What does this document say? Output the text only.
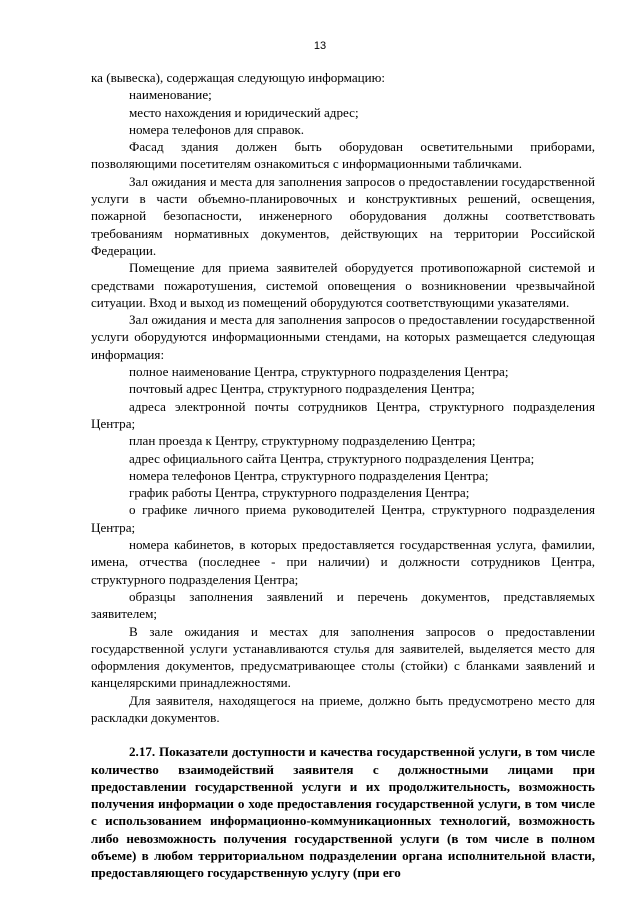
13

ка (вывеска), содержащая следующую информацию:

наименование;

место нахождения и юридический адрес;

номера телефонов для справок.

Фасад здания должен быть оборудован осветительными приборами, позволяющими посетителям ознакомиться с информационными табличками.

Зал ожидания и места для заполнения запросов о предоставлении государственной услуги в части объемно-планировочных и конструктивных решений, освещения, пожарной безопасности, инженерного оборудования должны соответствовать требованиям нормативных документов, действующих на территории Российской Федерации.

Помещение для приема заявителей оборудуется противопожарной системой и средствами пожаротушения, системой оповещения о возникновении чрезвычайной ситуации. Вход и выход из помещений оборудуются соответствующими указателями.

Зал ожидания и места для заполнения запросов о предоставлении государственной услуги оборудуются информационными стендами, на которых размещается следующая информация:

полное наименование Центра, структурного подразделения Центра;

почтовый адрес Центра, структурного подразделения Центра;

адреса электронной почты сотрудников Центра, структурного подразделения Центра;

план проезда к Центру, структурному подразделению Центра;

адрес официального сайта Центра, структурного подразделения Центра;

номера телефонов Центра, структурного подразделения Центра;

график работы Центра, структурного подразделения Центра;

о графике личного приема руководителей Центра, структурного подразделения Центра;

номера кабинетов, в которых предоставляется государственная услуга, фамилии, имена, отчества (последнее - при наличии) и должности сотрудников Центра, структурного подразделения Центра;

образцы заполнения заявлений и перечень документов, представляемых заявителем;

В зале ожидания и местах для заполнения запросов о предоставлении государственной услуги устанавливаются стулья для заявителей, выделяется место для оформления документов, предусматривающее столы (стойки) с бланками заявлений и канцелярскими принадлежностями.

Для заявителя, находящегося на приеме, должно быть предусмотрено место для раскладки документов.

2.17. Показатели доступности и качества государственной услуги, в том числе количество взаимодействий заявителя с должностными лицами при предоставлении государственной услуги и их продолжительность, возможность получения информации о ходе предоставления государственной услуги, в том числе с использованием информационно-коммуникационных технологий, возможность либо невозможность получения государственной услуги (в том числе в полном объеме) в любом территориальном подразделении органа исполнительной власти, предоставляющего государственную услугу (при его
